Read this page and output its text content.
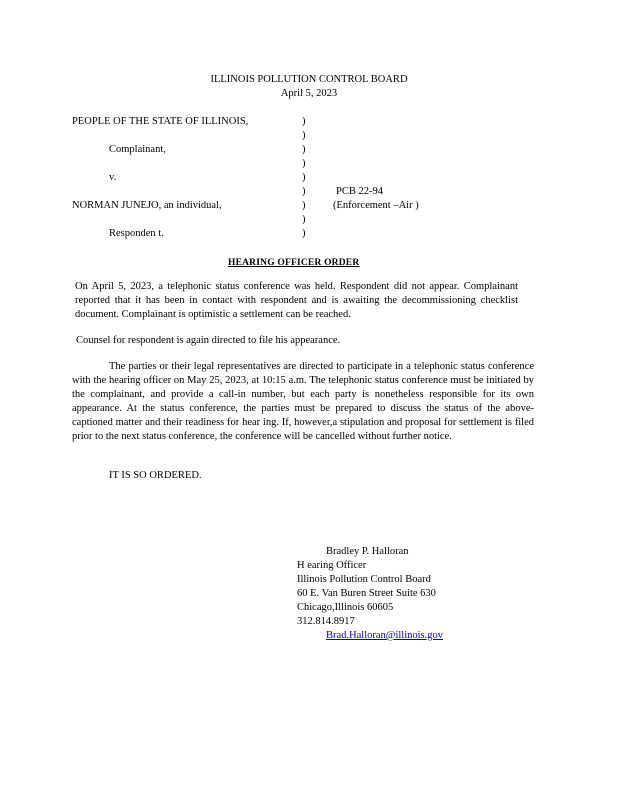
ILLINOIS POLLUTION CONTROL BOARD
April 5, 2023
PEOPLE OF THE STATE OF ILLINOIS,
Complainant,
v.
NORMAN JUNEJO, an individual,
Responden t.
)
)
)
)
)
)
)
)
)
PCB 22-94
(Enforcement –Air )
HEARING OFFICER ORDER

On April 5, 2023, a telephonic status conference was held. Respondent did not appear. Complainant reported that it has been in contact with respondent and is awaiting the decommissioning checklist document. Complainant is optimistic a settlement can be reached.

Counsel for respondent is again directed to file his appearance.

The parties or their legal representatives are directed to participate in a telephonic status conference with the hearing officer on May 25, 2023, at 10:15 a.m. The telephonic status conference must be initiated by the complainant, and provide a call-in number, but each party is nonetheless responsible for its own appearance. At the status conference, the parties must be prepared to discuss the status of the above- captioned matter and their readiness for hear ing. If, however,a stipulation and proposal for settlement is filed prior to the next status conference, the conference will be cancelled without further notice.

IT IS SO ORDERED.
Bradley P. Halloran
H earing Officer
Illinois Pollution Control Board
60 E. Van Buren Street Suite 630
Chicago,Illinois 60605
312.814.8917
Brad.Halloran@illinois.gov
